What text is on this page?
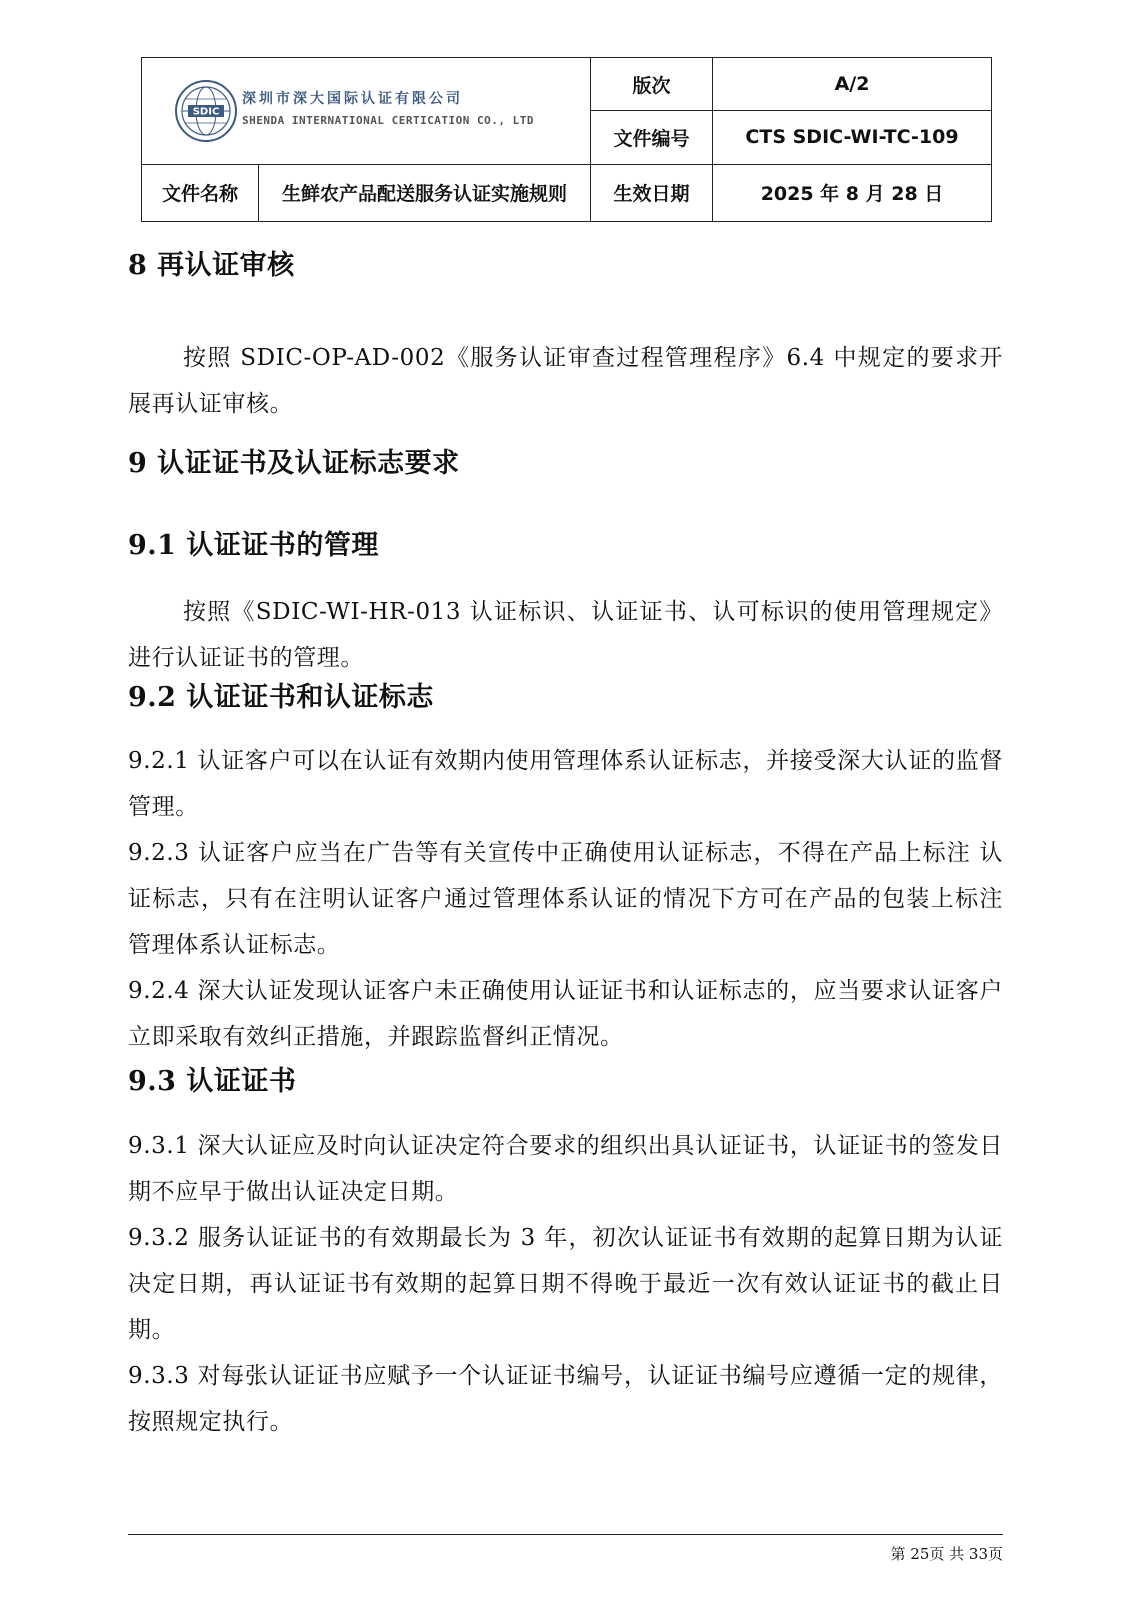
SDIC
深圳市深大国际认证有限公司
SHENDA INTERNATIONAL CERTICATION CO., LTD		版次	A/2
		文件编号	CTS SDIC-WI-TC-109
文件名称	生鲜农产品配送服务认证实施规则	生效日期	2025 年 8 月 28 日
8 再认证审核

按照 SDIC-OP-AD-002《服务认证审查过程管理程序》6.4 中规定的要求开展再认证审核。

9 认证证书及认证标志要求
9.1 认证证书的管理

按照《SDIC-WI-HR-013 认证标识、认证证书、认可标识的使用管理规定》进行认证证书的管理。

9.2 认证证书和认证标志

9.2.1 认证客户可以在认证有效期内使用管理体系认证标志，并接受深大认证的监督管理。

9.2.3 认证客户应当在广告等有关宣传中正确使用认证标志，不得在产品上标注 认证标志，只有在注明认证客户通过管理体系认证的情况下方可在产品的包装上标注 管理体系认证标志。

9.2.4 深大认证发现认证客户未正确使用认证证书和认证标志的，应当要求认证客户立即采取有效纠正措施，并跟踪监督纠正情况。

9.3 认证证书

9.3.1 深大认证应及时向认证决定符合要求的组织出具认证证书，认证证书的签发日期不应早于做出认证决定日期。

9.3.2 服务认证证书的有效期最长为 3 年，初次认证证书有效期的起算日期为认证决定日期，再认证证书有效期的起算日期不得晚于最近一次有效认证证书的截止日期。

9.3.3 对每张认证证书应赋予一个认证证书编号，认证证书编号应遵循一定的规律，按照规定执行。

第 25页 共 33页
